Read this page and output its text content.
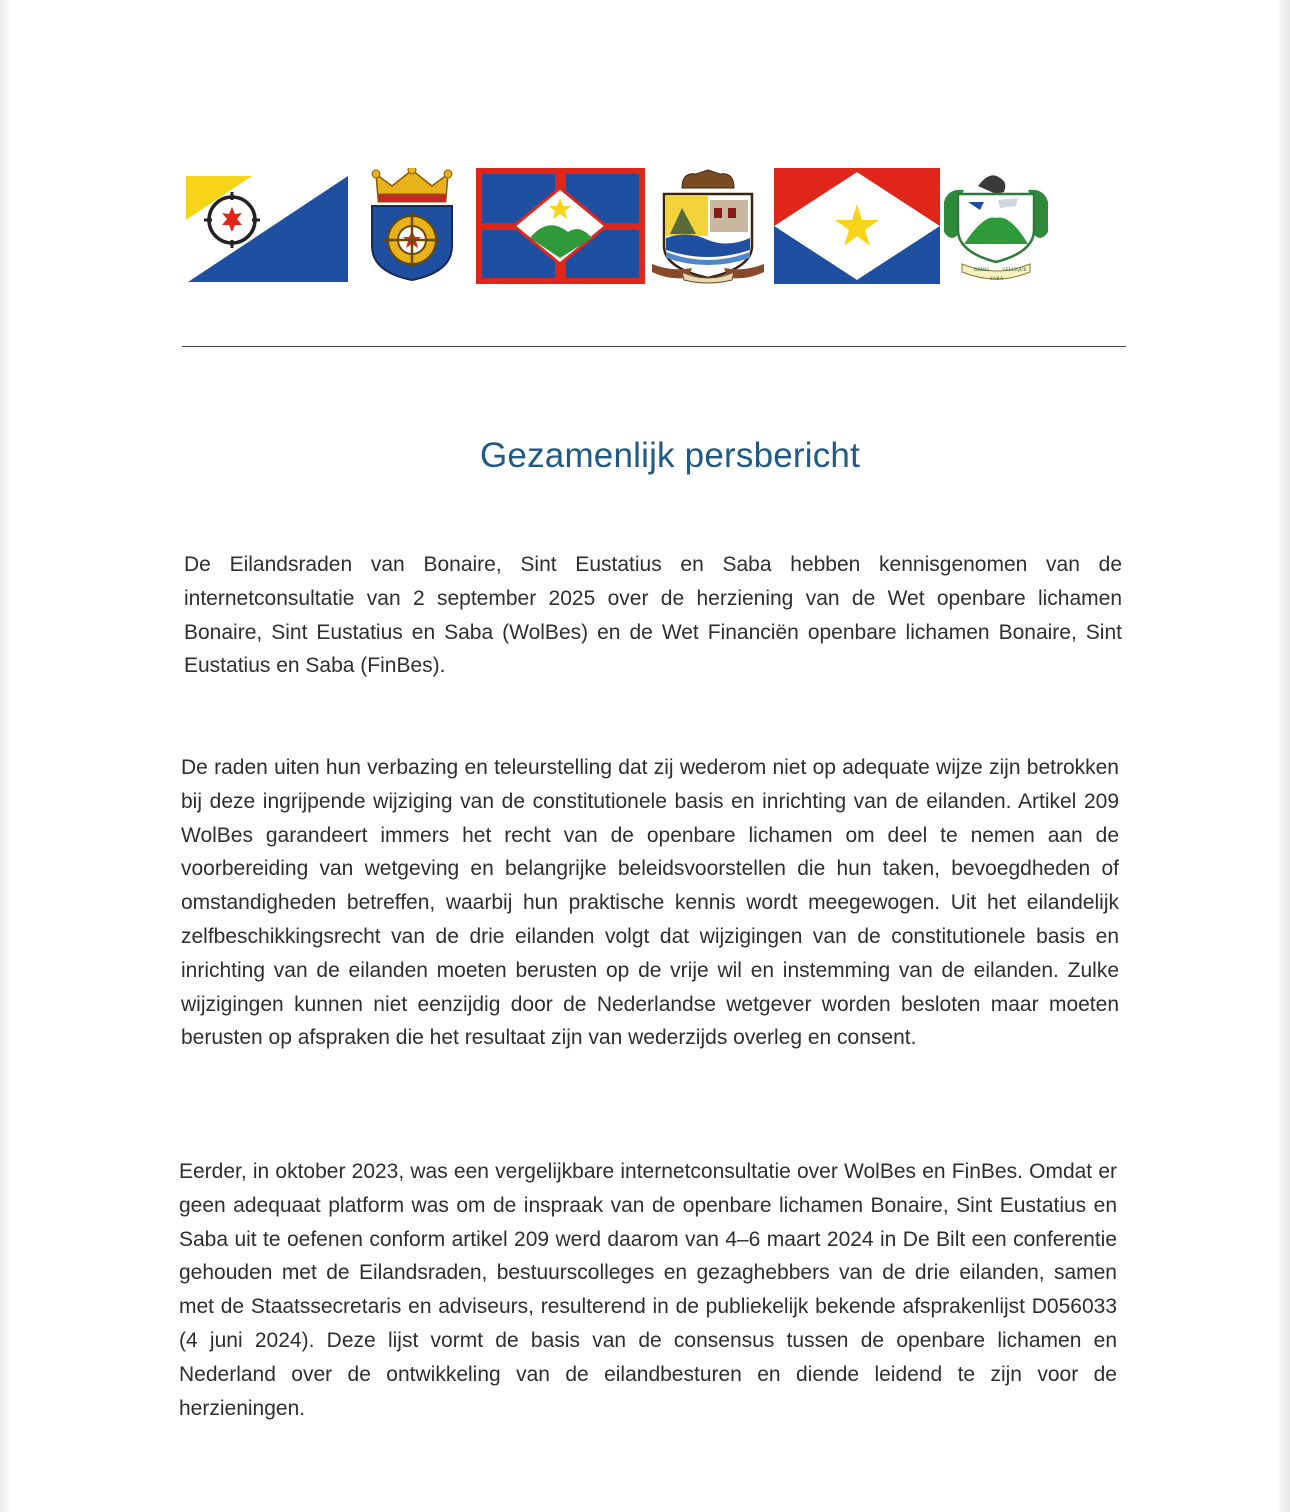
REMIS	VELISQUE
SABA
Gezamenlijk persbericht

De Eilandsraden van Bonaire, Sint Eustatius en Saba hebben kennisgenomen van de internetconsultatie van 2 september 2025 over de herziening van de Wet openbare lichamen Bonaire, Sint Eustatius en Saba (WolBes) en de Wet Financiën openbare lichamen Bonaire, Sint Eustatius en Saba (FinBes).

De raden uiten hun verbazing en teleurstelling dat zij wederom niet op adequate wijze zijn betrokken bij deze ingrijpende wijziging van de constitutionele basis en inrichting van de eilanden. Artikel 209 WolBes garandeert immers het recht van de openbare lichamen om deel te nemen aan de voorbereiding van wetgeving en belangrijke beleidsvoorstellen die hun taken, bevoegdheden of omstandigheden betreffen, waarbij hun praktische kennis wordt meegewogen. Uit het eilandelijk zelfbeschikkingsrecht van de drie eilanden volgt dat wijzigingen van de constitutionele basis en inrichting van de eilanden moeten berusten op de vrije wil en instemming van de eilanden. Zulke wijzigingen kunnen niet eenzijdig door de Nederlandse wetgever worden besloten maar moeten berusten op afspraken die het resultaat zijn van wederzijds overleg en consent.

Eerder, in oktober 2023, was een vergelijkbare internetconsultatie over WolBes en FinBes. Omdat er geen adequaat platform was om de inspraak van de openbare lichamen Bonaire, Sint Eustatius en Saba uit te oefenen conform artikel 209 werd daarom van 4–6 maart 2024 in De Bilt een conferentie gehouden met de Eilandsraden, bestuurscolleges en gezaghebbers van de drie eilanden, samen met de Staatssecretaris en adviseurs, resulterend in de publiekelijk bekende afsprakenlijst D056033 (4 juni 2024). Deze lijst vormt de basis van de consensus tussen de openbare lichamen en Nederland over de ontwikkeling van de eilandbesturen en diende leidend te zijn voor de herzieningen.
